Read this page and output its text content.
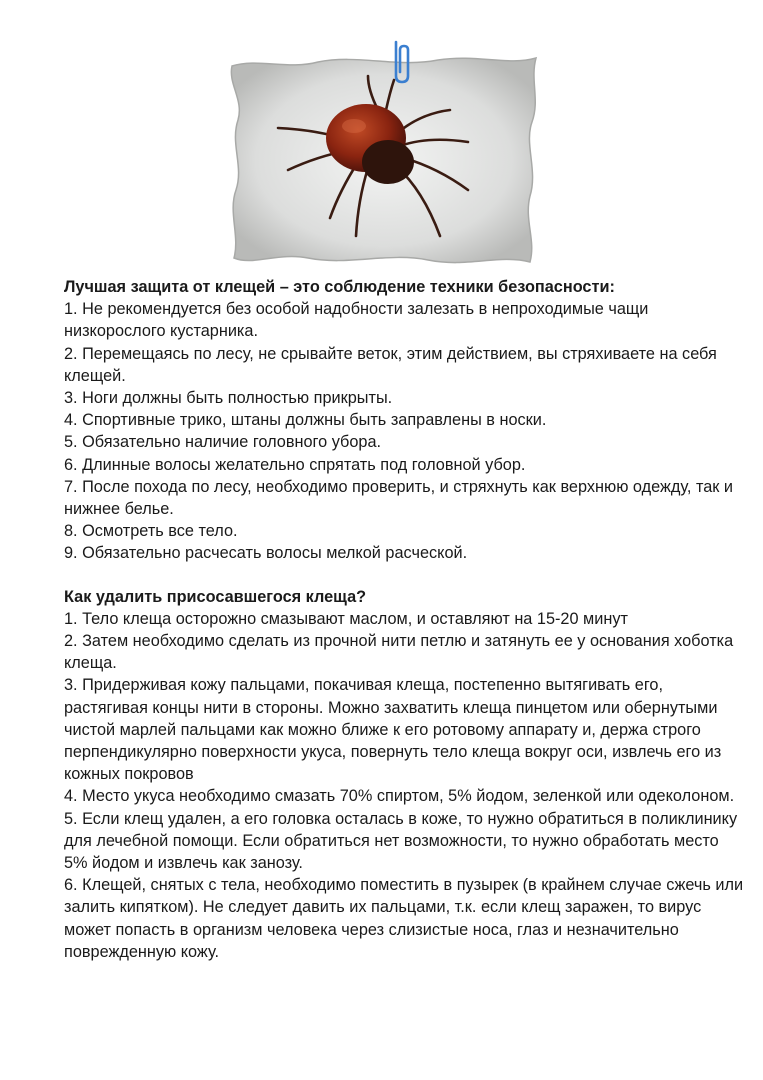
Лучшая защита от клещей – это соблюдение техники безопасности:

1. Не рекомендуется без особой надобности залезать в непроходимые чащи низкорослого кустарника.

2. Перемещаясь по лесу, не срывайте веток, этим действием, вы стряхиваете на себя клещей.

3. Ноги должны быть полностью прикрыты.

4. Спортивные трико, штаны должны быть заправлены в носки.

5. Обязательно наличие головного убора.

6. Длинные волосы желательно спрятать под головной убор.

7. После похода по лесу, необходимо проверить, и стряхнуть как верхнюю одежду, так и нижнее белье.

8. Осмотреть все тело.

9. Обязательно расчесать волосы мелкой расческой.

Как удалить присосавшегося клеща?

1. Тело клеща осторожно смазывают маслом, и оставляют на 15-20 минут

2. Затем необходимо сделать из прочной нити петлю и затянуть ее у основания хоботка клеща.

3. Придерживая кожу пальцами, покачивая клеща, постепенно вытягивать его, растягивая концы нити в стороны. Можно захватить клеща пинцетом или обернутыми чистой марлей пальцами как можно ближе к его ротовому аппарату и, держа строго перпендикулярно поверхности укуса, повернуть тело клеща вокруг оси, извлечь его из кожных покровов

4. Место укуса необходимо смазать 70% спиртом, 5% йодом, зеленкой или одеколоном.

5. Если клещ удален, а его головка осталась в коже, то нужно обратиться в поликлинику для лечебной помощи. Если обратиться нет возможности, то нужно обработать место 5% йодом и извлечь как занозу.

6. Клещей, снятых с тела, необходимо поместить в пузырек (в крайнем случае сжечь или залить кипятком). Не следует давить их пальцами, т.к. если клещ заражен, то вирус может попасть в организм человека через слизистые носа, глаз и незначительно поврежденную кожу.
